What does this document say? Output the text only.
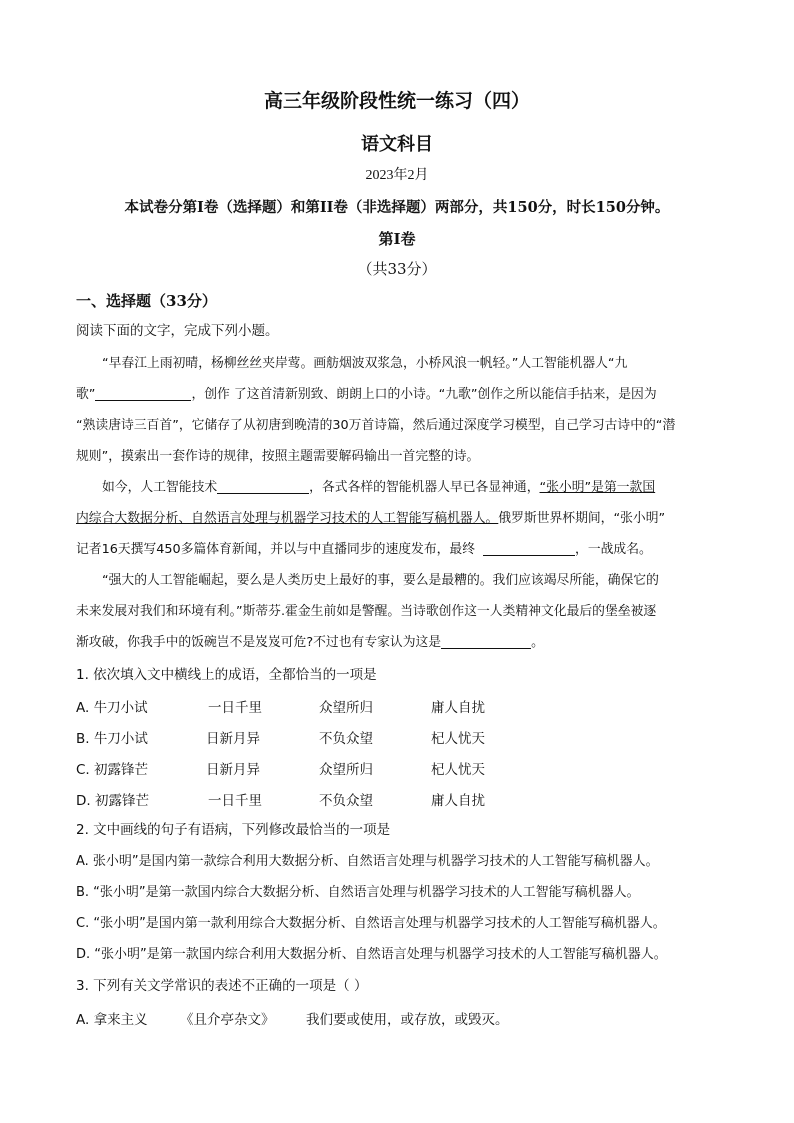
高三年级阶段性统一练习（四）
语文科目
2023年2月
本试卷分第I卷（选择题）和第II卷（非选择题）两部分，共150分，时长150分钟。
第I卷
（共33分）
一、选择题（33分）
阅读下面的文字，完成下列小题。
“早春江上雨初晴，杨柳丝丝夹岸莺。画舫烟波双浆急，小桥风浪一帆轻。”人工智能机器人“九
歌”	，创作 了这首清新别致、朗朗上口的小诗。“九歌”创作之所以能信手拈来，是因为
“熟读唐诗三百首”，它储存了从初唐到晚清的30万首诗篇，然后通过深度学习模型，自己学习古诗中的“潜
规则”，摸索出一套作诗的规律，按照主题需要解码输出一首完整的诗。
如今，人工智能技术	，各式各样的智能机器人早已各显神通，“张小明”是第一款国
内综合大数据分析、自然语言处理与机器学习技术的人工智能写稿机器人。俄罗斯世界杯期间，“张小明”
记者16天撰写450多篇体育新闻，并以与中直播同步的速度发布，最终	，一战成名。
“强大的人工智能崛起，要么是人类历史上最好的事，要么是最糟的。我们应该竭尽所能，确保它的
未来发展对我们和环境有利。”斯蒂芬.霍金生前如是警醒。当诗歌创作这一人类精神文化最后的堡垒被逐
渐攻破，你我手中的饭碗岂不是岌岌可危?不过也有专家认为这是	。
1. 依次填入文中横线上的成语，全都恰当的一项是
A. 牛刀小试	一日千里	众望所归	庸人自扰
B. 牛刀小试	日新月异	不负众望	杞人忧天
C. 初露锋芒	日新月异	众望所归	杞人忧天
D. 初露锋芒	一日千里	不负众望	庸人自扰
2. 文中画线的句子有语病，下列修改最恰当的一项是
A. 张小明”是国内第一款综合利用大数据分析、自然语言处理与机器学习技术的人工智能写稿机器人。
B. “张小明”是第一款国内综合大数据分析、自然语言处理与机器学习技术的人工智能写稿机器人。
C. “张小明”是国内第一款利用综合大数据分析、自然语言处理与机器学习技术的人工智能写稿机器人。
D. “张小明”是第一款国内综合利用大数据分析、自然语言处理与机器学习技术的人工智能写稿机器人。
3. 下列有关文学常识的表述不正确的一项是（ ）
A. 拿来主义 《且介亭杂文》 我们要或使用，或存放，或毁灭。
